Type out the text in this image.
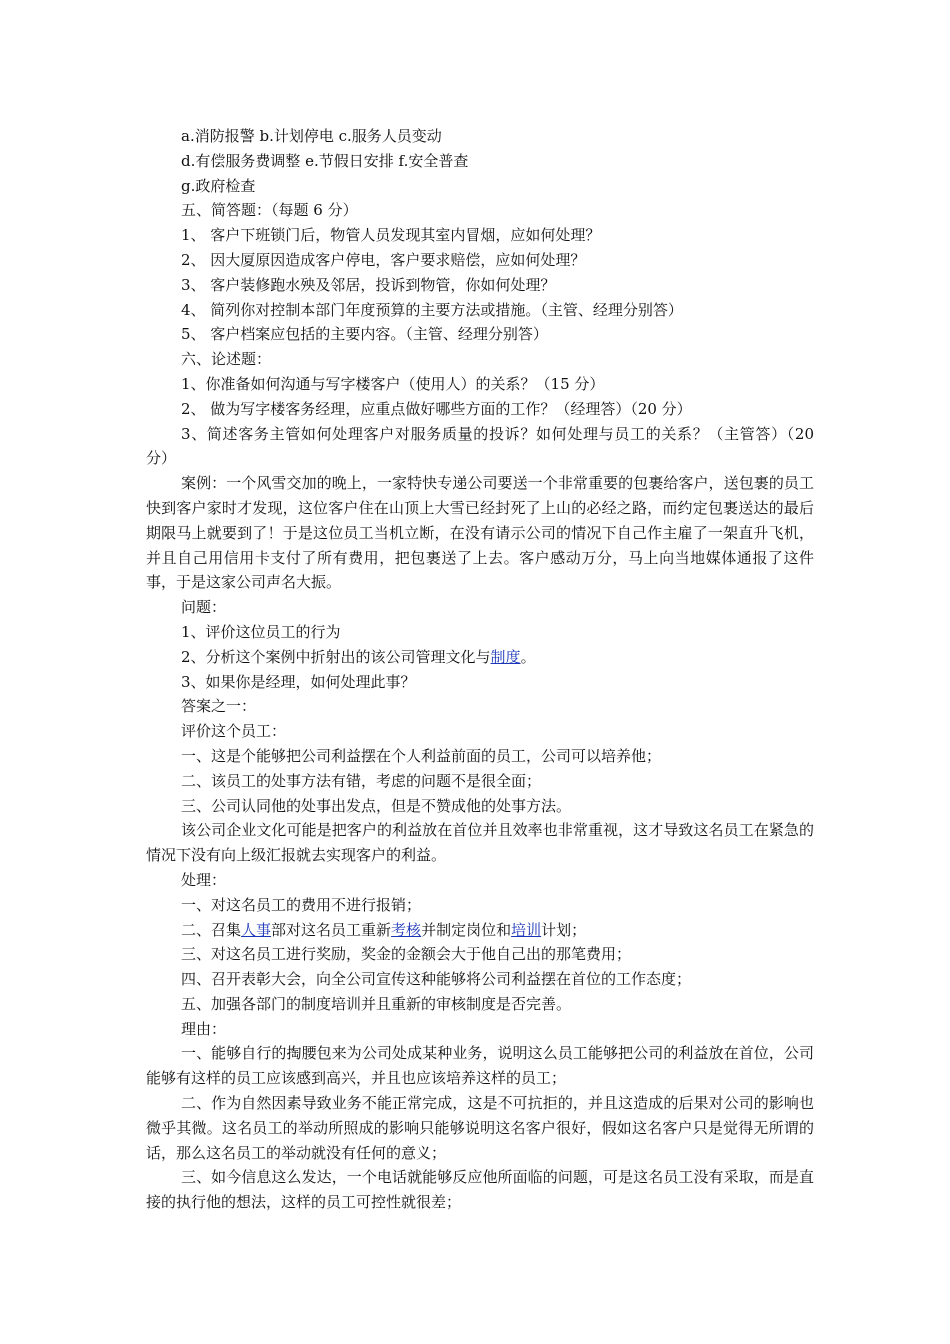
a.消防报警 b.计划停电 c.服务人员变动

d.有偿服务费调整 e.节假日安排 f.安全普查

g.政府检查

五、简答题：（每题 6 分）

1、 客户下班锁门后，物管人员发现其室内冒烟，应如何处理？

2、 因大厦原因造成客户停电，客户要求赔偿，应如何处理？

3、 客户装修跑水殃及邻居，投诉到物管，你如何处理？

4、 简列你对控制本部门年度预算的主要方法或措施。（主管、经理分别答）

5、 客户档案应包括的主要内容。（主管、经理分别答）

六、论述题：

1、你准备如何沟通与写字楼客户（使用人）的关系？（15 分）

2、 做为写字楼客务经理，应重点做好哪些方面的工作？（经理答）（20 分）

3、简述客务主管如何处理客户对服务质量的投诉？如何处理与员工的关系？（主管答）（20 分）

案例：一个风雪交加的晚上，一家特快专递公司要送一个非常重要的包裹给客户，送包裹的员工快到客户家时才发现，这位客户住在山顶上大雪已经封死了上山的必经之路，而约定包裹送达的最后期限马上就要到了！于是这位员工当机立断，在没有请示公司的情况下自己作主雇了一架直升飞机，并且自己用信用卡支付了所有费用，把包裹送了上去。客户感动万分，马上向当地媒体通报了这件事，于是这家公司声名大振。

问题：

1、评价这位员工的行为

2、分析这个案例中折射出的该公司管理文化与制度。

3、如果你是经理，如何处理此事？

答案之一：

评价这个员工：

一、这是个能够把公司利益摆在个人利益前面的员工，公司可以培养他；

二、该员工的处事方法有错，考虑的问题不是很全面；

三、公司认同他的处事出发点，但是不赞成他的处事方法。

该公司企业文化可能是把客户的利益放在首位并且效率也非常重视，这才导致这名员工在紧急的情况下没有向上级汇报就去实现客户的利益。

处理：

一、对这名员工的费用不进行报销；

二、召集人事部对这名员工重新考核并制定岗位和培训计划；

三、对这名员工进行奖励，奖金的金额会大于他自己出的那笔费用；

四、召开表彰大会，向全公司宣传这种能够将公司利益摆在首位的工作态度；

五、加强各部门的制度培训并且重新的审核制度是否完善。

理由：

一、能够自行的掏腰包来为公司处成某种业务，说明这么员工能够把公司的利益放在首位，公司能够有这样的员工应该感到高兴，并且也应该培养这样的员工；

二、作为自然因素导致业务不能正常完成，这是不可抗拒的，并且这造成的后果对公司的影响也微乎其微。这名员工的举动所照成的影响只能够说明这名客户很好，假如这名客户只是觉得无所谓的话，那么这名员工的举动就没有任何的意义；

三、如今信息这么发达，一个电话就能够反应他所面临的问题，可是这名员工没有采取，而是直接的执行他的想法，这样的员工可控性就很差；
